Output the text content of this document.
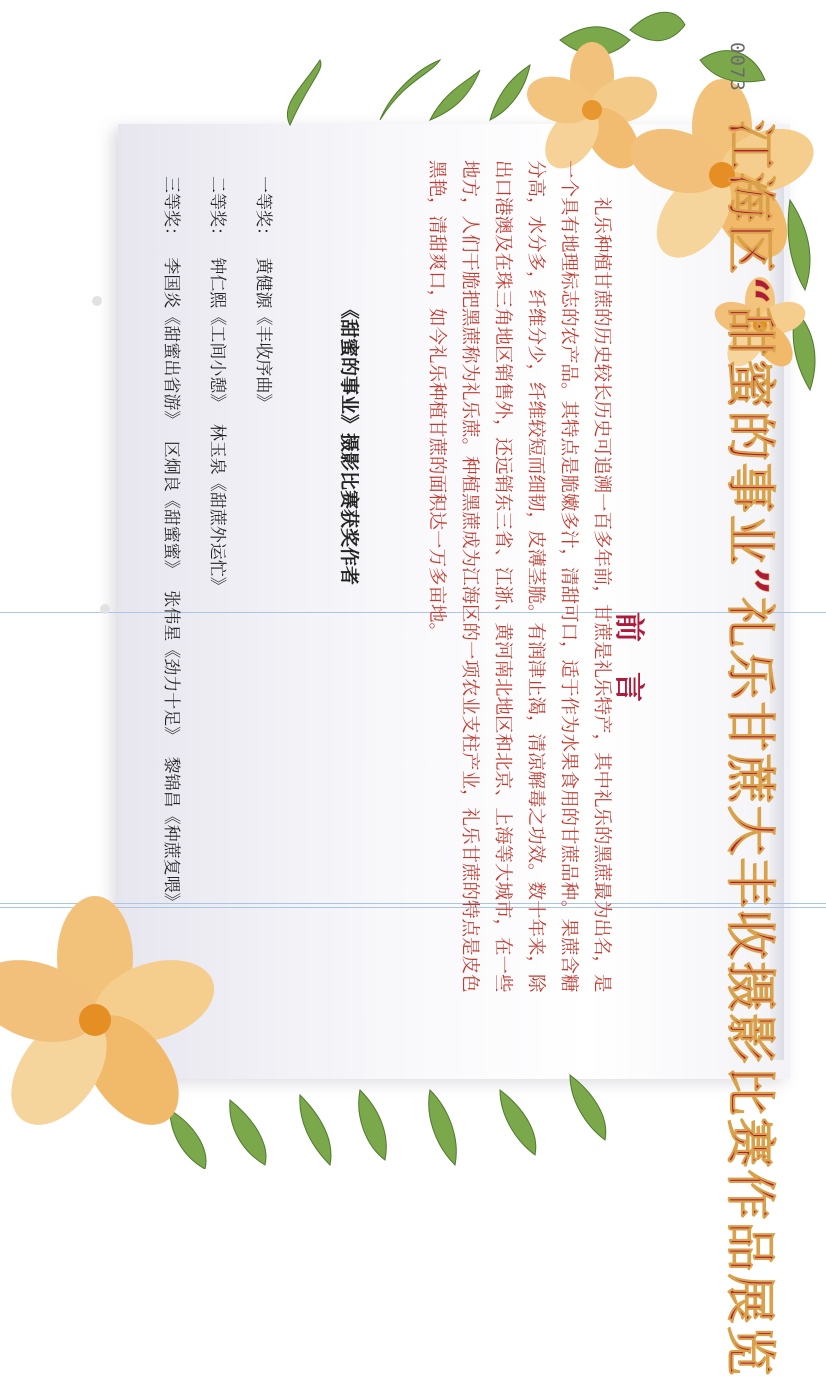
0073
江海区“甜蜜的事业”礼乐甘蔗大丰收摄影比赛作品展览
前言

礼乐种植甘蔗的历史较长历史可追溯一百多年前，甘蔗是礼乐特产，其中礼乐的黑蔗最为出名，是一个具有地理标志的农产品。其特点是脆嫩多汁，清甜可口，适于作为水果食用的甘蔗品种。果蔗含糖分高，水分多，纤维分少，纤维较短而细韧，皮薄茎脆。有润津止渴，清凉解毒之功效。数十年来，除出口港澳及在珠三角地区销售外，还远销东三省、江浙、黄河南北地区和北京、上海等大城市，在一些地方，人们干脆把黑蔗称为礼乐蔗。种植黑蔗成为江海区的一项农业支柱产业，礼乐甘蔗的特点是皮色黑艳，清甜爽口，如今礼乐种植甘蔗的面积达一万多亩地。

《甜蜜的事业》摄影比赛获奖作者
一等奖： 黄健源《丰收序曲》
二等奖： 钟仁熙《工间小憩》 林玉泉《甜蔗外运忙》
三等奖： 李国炎《甜蜜出省游》 区炯良《甜蜜蜜》 张伟星《劲力十足》 黎锦昌《种蔗复喂》
